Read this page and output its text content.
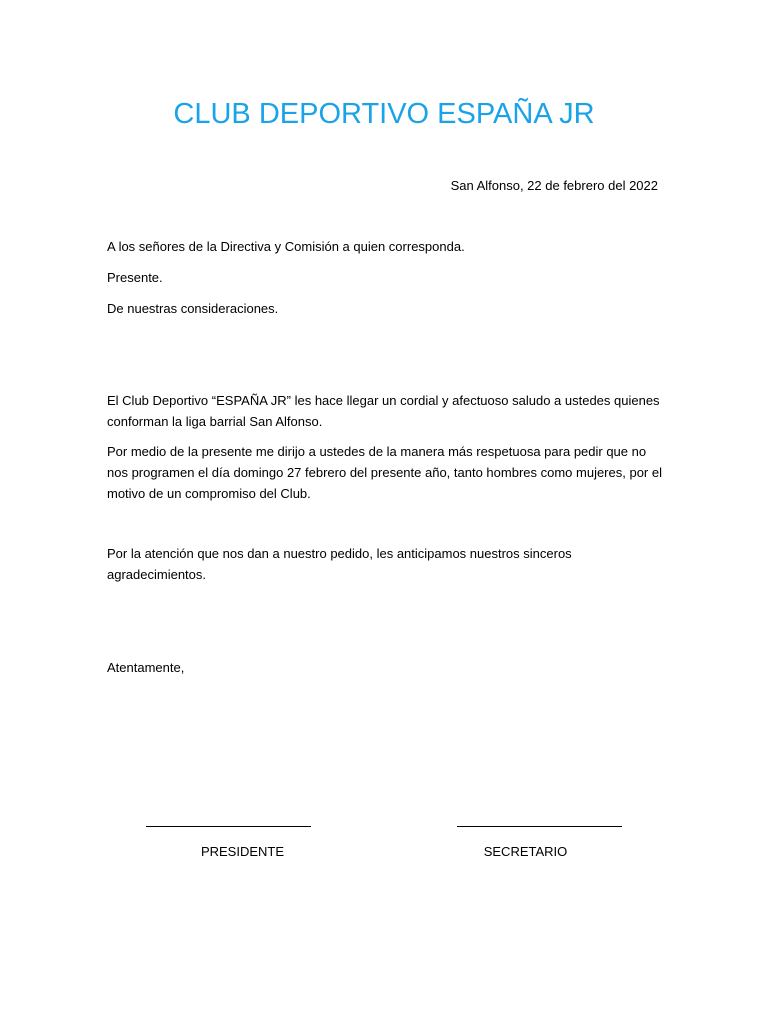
CLUB DEPORTIVO ESPAÑA JR
San Alfonso, 22 de febrero del 2022

A los señores de la Directiva y Comisión a quien corresponda.

Presente.

De nuestras consideraciones.

El Club Deportivo “ESPAÑA JR” les hace llegar un cordial y afectuoso saludo a ustedes quienes conforman la liga barrial San Alfonso.

Por medio de la presente me dirijo a ustedes de la manera más respetuosa para pedir que no nos programen el día domingo 27 febrero del presente año, tanto hombres como mujeres, por el motivo de un compromiso del Club.

Por la atención que nos dan a nuestro pedido, les anticipamos nuestros sinceros agradecimientos.

Atentamente,

PRESIDENTE	SECRETARIO
